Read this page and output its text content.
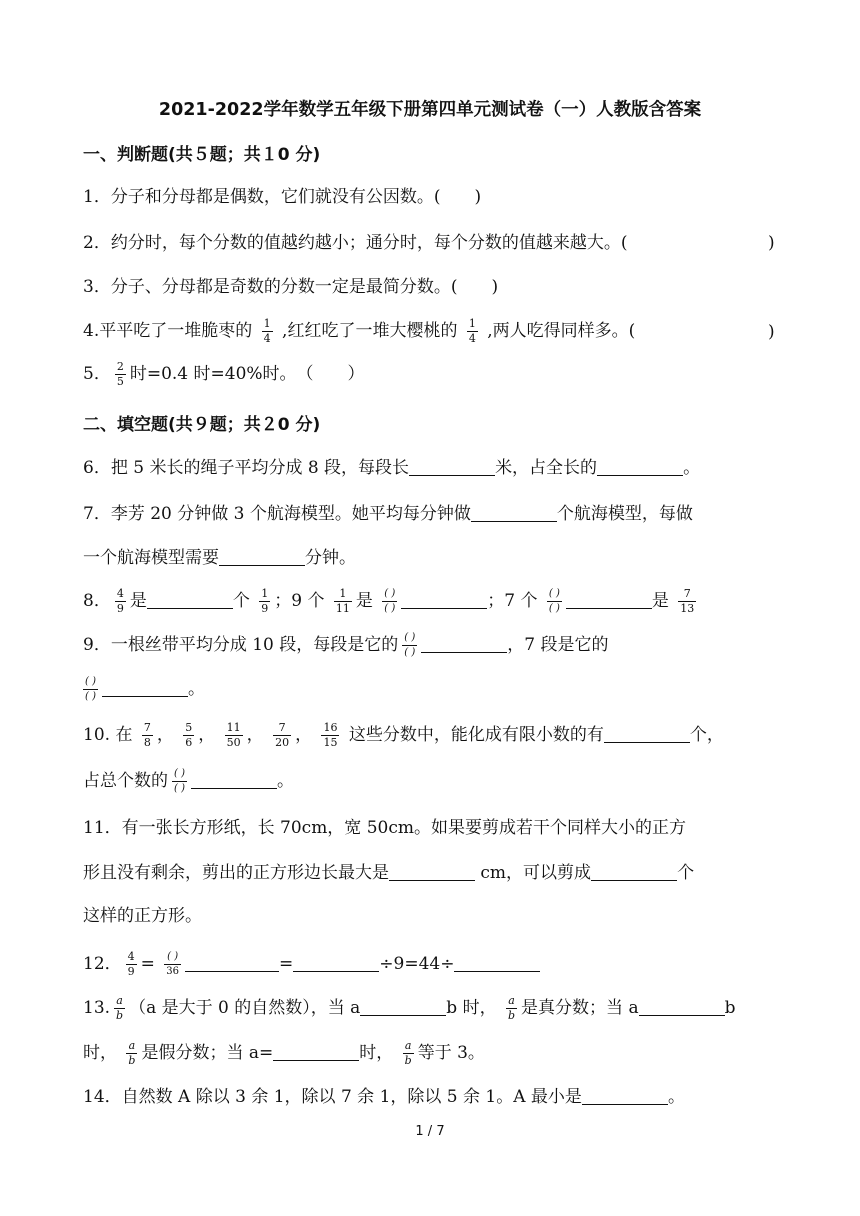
2021-2022学年数学五年级下册第四单元测试卷（一）人教版含答案
一、判断题(共５题；共１0 分)
1．分子和分母都是偶数，它们就没有公因数。(　　)
2．约分时，每个分数的值越约越小；通分时，每个分数的值越来越大。(	)
3．分子、分母都是奇数的分数一定是最简分数。(　　)
4.平平吃了一堆脆枣的 $\frac{1}{4}$ ,红红吃了一堆大樱桃的 $\frac{1}{4}$ ,两人吃得同样多。(	)
5． $\frac{2}{5}$ 时=0.4 时=40%时。　（　　）
二、填空题(共９题；共２0 分)
6．把 5 米长的绳子平均分成 8 段，每段长	米，占全长的	。
7．李芳 20 分钟做 3 个航海模型。她平均每分钟做	个航海模型，每做
一个航海模型需要	分钟。
8． $\frac{4}{9}$ 是	个 $\frac{1}{9}$ ；9 个 $\frac{1}{11}$ 是 $\frac{( )}{( )}$	；7 个 $\frac{( )}{( )}$	是 $\frac{7}{13}$
9．一根丝带平均分成 10 段，每段是它的 $\frac{( )}{( )}$	，7 段是它的
$\frac{( )}{( )}$	。
10. 在 $\frac{7}{8}$ ， $\frac{5}{6}$ ， $\frac{11}{50}$ ， $\frac{7}{20}$ ， $\frac{16}{15}$ 这些分数中，能化成有限小数的有	个，
占总个数的 $\frac{( )}{( )}$	。
11．有一张长方形纸，长 70cm，宽 50cm。如果要剪成若干个同样大小的正方
形且没有剩余，剪出的正方形边长最大是	cm，可以剪成	个
这样的正方形。
12． $\frac{4}{9} = \frac{( )}{36}$	=	÷9=44÷
13. $\frac{a}{b} (a$ 是大于 0 的自然数），当 a	b 时， $\frac{a}{b}$ 是真分数；当 a	b
时， $\frac{a}{b}$ 是假分数；当 a=	时， $\frac{a}{b}$ 等于 3。
14．自然数 A 除以 3 余 1，除以 7 余 1，除以 5 余 1。A 最小是	。
1 / 7
